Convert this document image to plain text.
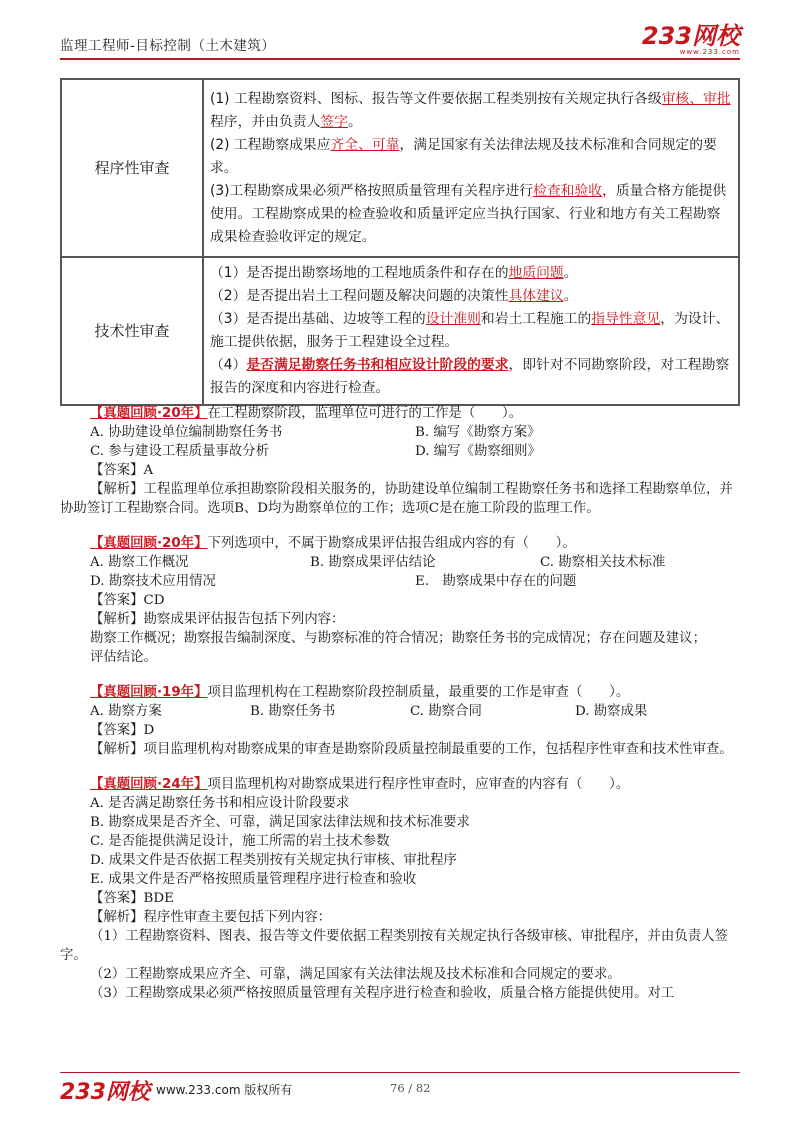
监理工程师-目标控制（土木建筑）	233网校
www.233.com
程序性审查	(1) 工程勘察资料、图标、报告等文件要依据工程类别按有关规定执行各级审核、审批程序，并由负责人签字。
(2) 工程勘察成果应齐全、可靠，满足国家有关法律法规及技术标准和合同规定的要求。
(3)工程勘察成果必须严格按照质量管理有关程序进行检查和验收，质量合格方能提供使用。工程勘察成果的检查验收和质量评定应当执行国家、行业和地方有关工程勘察成果检查验收评定的规定。

技术性审查	（1）是否提出勘察场地的工程地质条件和存在的地质问题。
（2）是否提出岩土工程问题及解决问题的决策性具体建议。
（3）是否提出基础、边坡等工程的设计准则和岩土工程施工的指导性意见，为设计、施工提供依据，服务于工程建设全过程。
（4）是否满足勘察任务书和相应设计阶段的要求，即针对不同勘察阶段，对工程勘察报告的深度和内容进行检查。
【真题回顾·20年】在工程勘察阶段，监理单位可进行的工作是（　　）。
A. 协助建设单位编制勘察任务书	B. 编写《勘察方案》
C. 参与建设工程质量事故分析	D. 编写《勘察细则》
【答案】A
【解析】工程监理单位承担勘察阶段相关服务的，协助建设单位编制工程勘察任务书和选择工程勘察单位，并协助签订工程勘察合同。选项B、D均为勘察单位的工作；选项C是在施工阶段的监理工作。
【真题回顾·20年】下列选项中，不属于勘察成果评估报告组成内容的有（　　）。
A. 勘察工作概况	B. 勘察成果评估结论	C. 勘察相关技术标准
D. 勘察技术应用情况	E.　勘察成果中存在的问题
【答案】CD
【解析】勘察成果评估报告包括下列内容：
勘察工作概况；勘察报告编制深度、与勘察标准的符合情况；勘察任务书的完成情况；存在问题及建议；
评估结论。
【真题回顾·19年】项目监理机构在工程勘察阶段控制质量，最重要的工作是审查（　　）。
A. 勘察方案	B. 勘察任务书	C. 勘察合同	D. 勘察成果
【答案】D
【解析】项目监理机构对勘察成果的审查是勘察阶段质量控制最重要的工作，包括程序性审查和技术性审查。
【真题回顾·24年】项目监理机构对勘察成果进行程序性审查时，应审查的内容有（　　）。
A. 是否满足勘察任务书和相应设计阶段要求
B. 勘察成果是否齐全、可靠，满足国家法律法规和技术标准要求
C. 是否能提供满足设计，施工所需的岩土技术参数
D. 成果文件是否依据工程类别按有关规定执行审核、审批程序
E. 成果文件是否严格按照质量管理程序进行检查和验收
【答案】BDE
【解析】程序性审查主要包括下列内容：
（1）工程勘察资料、图表、报告等文件要依据工程类别按有关规定执行各级审核、审批程序，并由负责人签字。
（2）工程勘察成果应齐全、可靠，满足国家有关法律法规及技术标准和合同规定的要求。
（3）工程勘察成果必须严格按照质量管理有关程序进行检查和验收，质量合格方能提供使用。对工
233网校 www.233.com 版权所有	76 / 82
